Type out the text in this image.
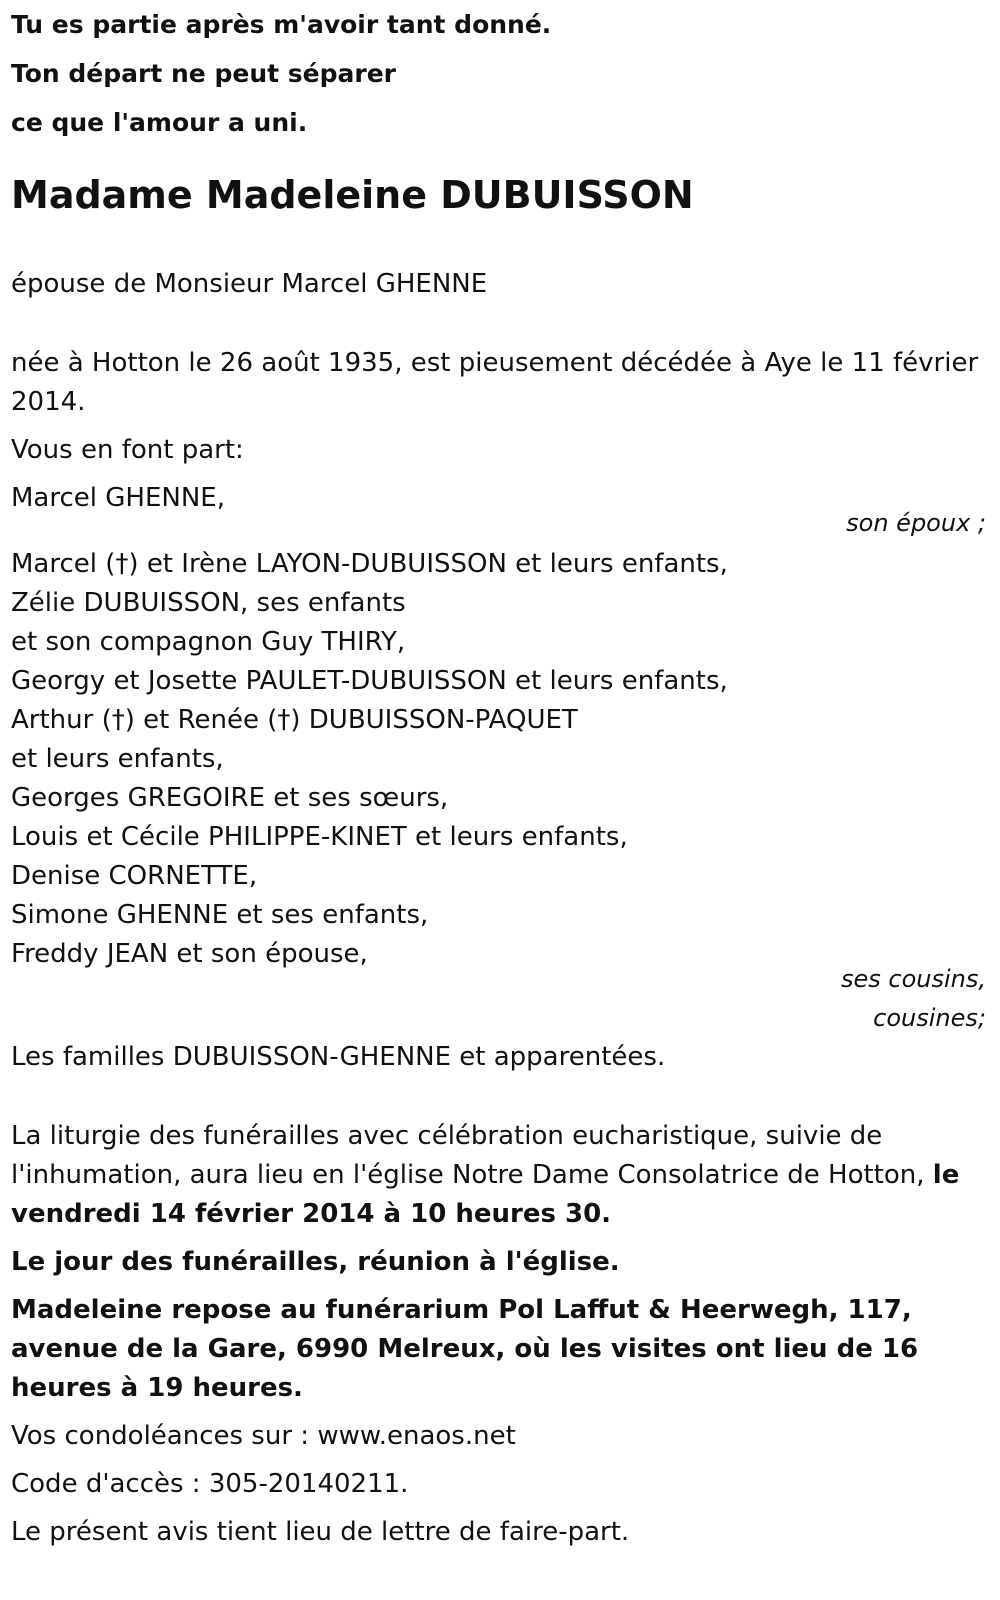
Tu es partie après m'avoir tant donné.

Ton départ ne peut séparer

ce que l'amour a uni.

Madame Madeleine DUBUISSON

épouse de Monsieur Marcel GHENNE

née à Hotton le 26 août 1935, est pieusement décédée à Aye le 11 février 2014.

Vous en font part:

Marcel GHENNE,

son époux ;

Marcel (†) et Irène LAYON-DUBUISSON et leurs enfants,

Zélie DUBUISSON, ses enfants

et son compagnon Guy THIRY,

Georgy et Josette PAULET-DUBUISSON et leurs enfants,

Arthur (†) et Renée (†) DUBUISSON-PAQUET

et leurs enfants,

Georges GREGOIRE et ses sœurs,

Louis et Cécile PHILIPPE-KINET et leurs enfants,

Denise CORNETTE,

Simone GHENNE et ses enfants,

Freddy JEAN et son épouse,

ses cousins,

cousines;

Les familles DUBUISSON-GHENNE et apparentées.

La liturgie des funérailles avec célébration eucharistique, suivie de l'inhumation, aura lieu en l'église Notre Dame Consolatrice de Hotton, le vendredi 14 février 2014 à 10 heures 30.

Le jour des funérailles, réunion à l'église.

Madeleine repose au funérarium Pol Laffut & Heerwegh, 117, avenue de la Gare, 6990 Melreux, où les visites ont lieu de 16 heures à 19 heures.

Vos condoléances sur : www.enaos.net

Code d'accès : 305-20140211.

Le présent avis tient lieu de lettre de faire-part.
